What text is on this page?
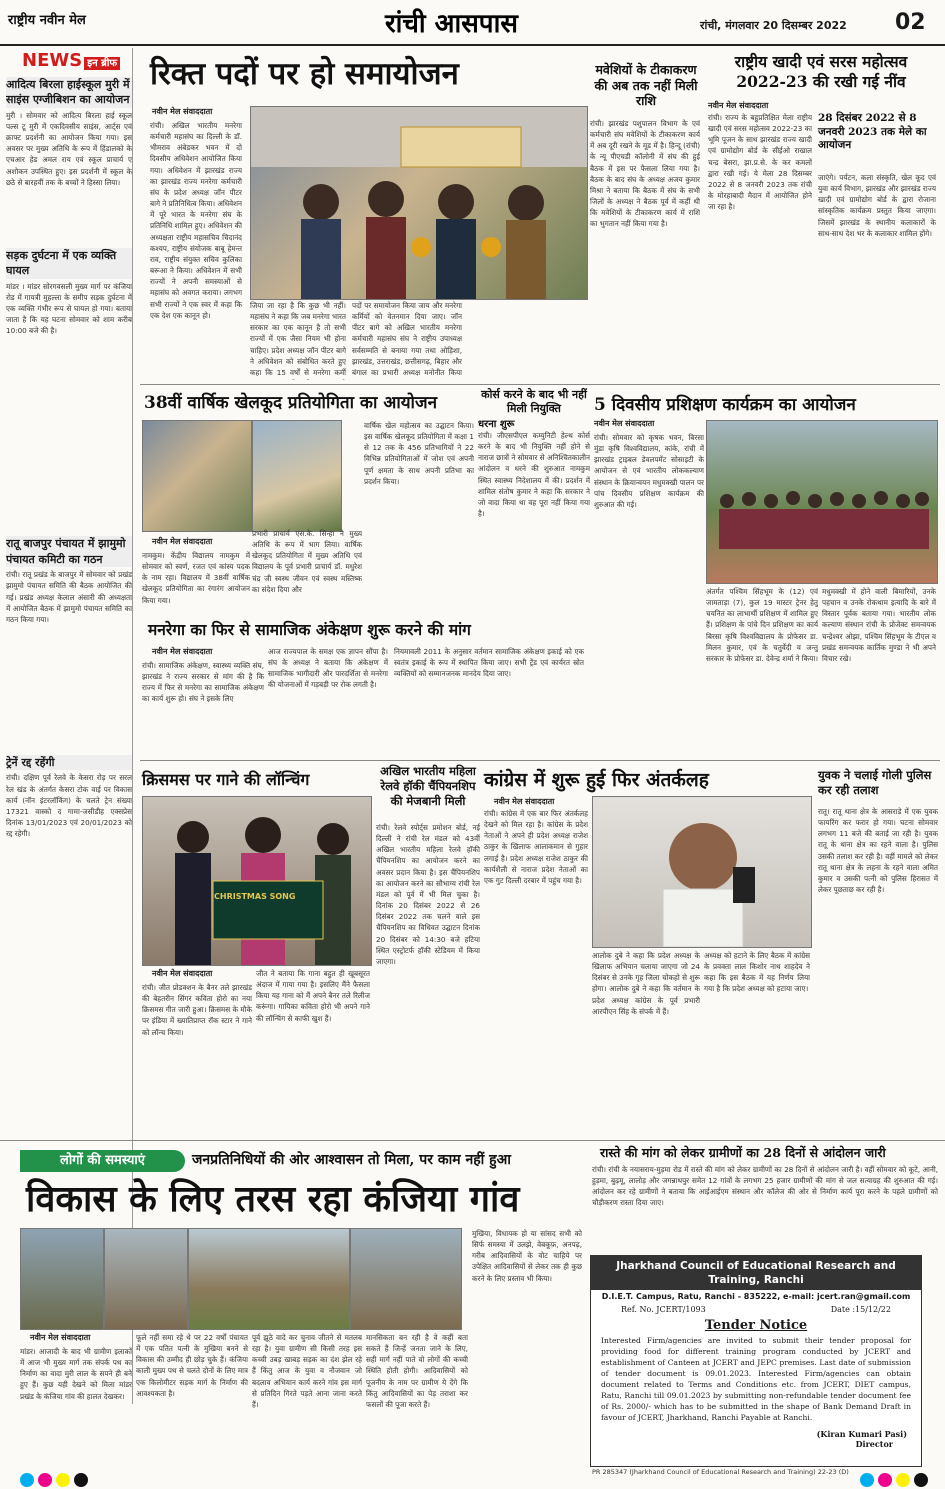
राष्ट्रीय नवीन मेल	रांची आसपास	रांची, मंगलवार 20 दिसम्बर 2022 02
NEWS इन ब्रीफ
आदित्य बिरला हाईस्कूल मुरी में साइंस एग्जीबिशन का आयोजन

मुरी । सोमवार को आदित्य बिरला हाई स्कूल पल्स टू मुरी में एकदिवसीय साइंस, आर्ट्स एवं क्राफ्ट प्रदर्शनी का आयोजन किया गया। इस अवसर पर मुख्य अतिथि के रूप में हिंडालको के एचआर हेड अमल राय एवं स्कूल प्राचार्य ए अशोकन उपस्थित हुए। इस प्रदर्शनी में स्कूल के छठे से बारहवीं तक के बच्चों ने हिस्सा लिया।

सड़क दुर्घटना में एक व्यक्ति घायल

मांडर । मांडर सोरगवसली मुख्य मार्ग पर कंजिया रोड में गायत्री मुहल्ला के समीप सड़क दुर्घटना में एक व्यक्ति गंभीर रूप से घायल हो गया। बताया जाता है कि यह घटना सोमवार को शाम करीब 10:00 बजे की है।

रातू बाजपुर पंचायत में झामुमो पंचायत कमिटी का गठन

रांची। रातू प्रखंड के बाजपुर में सोमवार को प्रखंड झामुमो पंचायत समिति की बैठक आयोजित की गई। प्रखंड अध्यक्ष केलाल अंसारी की अध्यक्षता में आयोजित बैठक में झामुमो पंचायत समिति का गठन किया गया।

ट्रेनें रद्द रहेंगी

रांची। दक्षिण पूर्व रेलवे के केसरा रोड़ पर सरल रेल खंड के अंतर्गत केसरा टोक वाई पर विकास कार्य (नॉन इंटरलॉकिंग) के चलते ट्रेन संख्या 17321 वास्को द गामा-जसीडीह एक्सप्रेस दिनांक 13/01/2023 एवं 20/01/2023 को रद्द रहेगी।

रिक्त पदों पर हो समायोजन
नवीन मेल संवाददाता
रांची। अखिल भारतीय मनरेगा कर्मचारी महासंघ का दिल्ली के डॉ. भीमराव अंबेडकर भवन में दो दिवसीय अधिवेशन आयोजित किया गया। अधिवेशन में झारखंड राज्य का झारखंड राज्य मनरेगा कर्मचारी संघ के प्रदेश अध्यक्ष जॉन पीटर बागे ने प्रतिनिधित्व किया। अधिवेशन में पूरे भारत के मनरेगा संघ के प्रतिनिधि शामिल हुए। अधिवेशन की अध्यक्षता राष्ट्रीय महासचिव चिदानंद कश्यप, राष्ट्रीय संयोजक बाबू हेमन्त राव, राष्ट्रीय संयुक्त सचिव कुलिका बरूआ ने किया। अधिवेशन में सभी राज्यों ने अपनी समस्याओं से महासंघ को अवगत कराया। लगभग सभी राज्यों ने एक स्वर में कहा कि एक देश एक कानून हो।
जिया जा रहा है कि कुछ भी नहीं। महासंघ ने कहा कि जब मनरेगा भारत सरकार का एक कानून है तो सभी राज्यों में एक जैसा नियम भी होना चाहिए। प्रदेश अध्यक्ष जॉन पीटर बागे ने अधिवेशन को संबोधित करते हुए कहा कि 15 वर्षों से मनरेगा कर्मी
पदों पर समायोजन किया जाय और मनरेगा कर्मियों को वेतनमान दिया जाए। जॉन पीटर बागे को अखिल भारतीय मनरेगा कर्मचारी महासंघ संघ ने राष्ट्रीय उपाध्यक्ष सर्वसम्मति से बनाया गया तथा ओड़िशा, झारखंड, उत्तराखंड, छत्तीसगढ़, बिहार और बंगाल का प्रभारी अध्यक्ष मनोनीत किया
मवेशियों के टीकाकरण की अब तक नहीं मिली राशि
रांची। झारखंड पशुपालन विभाग के एवं कर्मचारी संघ मवेशियों के टीकाकरण कार्य में अब दूरी रखने के मूड में है। हिन्दू (रांची) के न्यू पीएचडी कॉलोनी में संघ की हुई बैठक में इस पर फैसला लिया गया है। बैठक के बाद संघ के अध्यक्ष अजय कुमार मिश्रा ने बताया कि बैठक में संघ के सभी जिलों के अध्यक्ष ने बैठक पूर्व में कहीं थी कि मवेशियों के टीकाकरण कार्य में राशि का भुगतान नहीं किया गया है।
राष्ट्रीय खादी एवं सरस महोत्सव 2022-23 की रखी गई नींव
नवीन मेल संवाददाता
28 दिसंबर 2022 से 8 जनवरी 2023 तक मेले का आयोजन
रांची। राज्य के बहुप्रतिक्षित मेला राष्ट्रीय खादी एवं सरस महोत्सव 2022-23 का भूमि पूजन के साथ झारखंड राज्य खादी एवं ग्रामोद्योग बोर्ड के सीईओ राखाल चन्द्र बेसरा, झा.प्र.से. के कर कमलों द्वारा रखी गई। ये मेला 28 दिसम्बर 2022 से 8 जनवरी 2023 तक रांची के मोरहाबादी मैदान में आयोजित होने जा रहा है।
जाएंगे। पर्यटन, कला संस्कृति, खेल कूद एवं युवा कार्य विभाग, झारखंड और झारखंड राज्य खादी एवं ग्रामोद्योग बोर्ड के द्वारा रोजाना सांस्कृतिक कार्यक्रम प्रस्तुत किया जाएगा। जिसमें झारखंड के स्थानीय कलाकारों के साथ-साथ देश भर के कलाकार शामिल होंगे।
38वीं वार्षिक खेलकूद प्रतियोगिता का आयोजन
नवीन मेल संवाददाता
नामकुम। केंद्रीय विद्यालय नामकुम में सोमवार को स्वर्ण, रजत एवं कांस्य पदक के नाम रहा। विद्यालय में 38वीं वार्षिक खेलकूद प्रतियोगिता का रंगारंग आयोजन किया गया।
प्रभारी प्राचार्य एस.के. सिन्हा ने मुख्य अतिथि के रूप में भाग लिया। वार्षिक खेलकूद प्रतियोगिता में मुख्य अतिथि एवं विद्यालय के पूर्व प्रभारी प्राचार्य डॉ. मधुरेश चंद्र जी स्वस्थ जीवन एवं स्वस्थ मस्तिष्क का संदेश दिया और
वार्षिक खेल महोत्सव का उद्घाटन किया। इस वार्षिक खेलकूद प्रतियोगिता में कक्षा 1 से 12 तक के 456 प्रतिभागियों ने 22 विभिन्न प्रतियोगिताओं में जोश एवं अपनी पूर्ण क्षमता के साथ अपनी प्रतिभा का प्रदर्शन किया।
कोर्स करने के बाद भी नहीं मिली नियुक्ति
धरना शुरू
रांची। जीएसपीएल कम्युनिटी हेल्थ कोर्स करने के बाद भी नियुक्ति नहीं होने से नाराज छात्रों ने सोमवार से अनिश्चितकालीन आंदोलन व धरने की शुरुआत नामकुम स्थित स्वास्थ्य निदेशालय में की। प्रदर्शन में शामिल संतोष कुमार ने कहा कि सरकार ने जो वादा किया था वह पूरा नहीं किया गया है।
5 दिवसीय प्रशिक्षण कार्यक्रम का आयोजन
नवीन मेल संवाददाता
रांची। सोमवार को कृषक भवन, बिरसा मुंडा कृषि विश्वविद्यालय, कांके, रांची में झारखंड ट्राइबल डेवलपमेंट सोसाइटी के आयोजन से एवं भारतीय लोककल्याण संस्थान के क्रियान्वयन मधुमक्खी पालन पर पांच दिवसीय प्रशिक्षण कार्यक्रम की शुरुआत की गई।
अंतर्गत पश्चिम सिंहभूम के (12) एवं जामताड़ा (7), कुल 19 मास्टर ट्रेनर हेतु चयनित का लाभार्थी प्रशिक्षण में शामिल हुए हैं। प्रशिक्षण के पांचे दिन प्रशिक्षण का कार्य बिरसा कृषि विश्वविद्यालय के प्रोफेसर डा. मिलन कुमार, एवं के चतुर्वेदी व जन्तु सरकार के प्रोफेसर डा. देवेन्द्र शर्मा ने किया।
मधुमक्खी में होने वाली बिमारियों, उनके पहचान व उनके रोकथाम इत्यादि के बारे में विस्तार पूर्वक बताया गया। भारतीय लोक कल्याण संस्थान रांची के प्रोजेक्ट समन्वयक चन्द्रेश्वर ओझा, पश्चिम सिंहभूम के टीएल व प्रखंड समन्वयक कार्तिक मुण्डा ने भी अपने विचार रखे।
मनरेगा का फिर से सामाजिक अंकेक्षण शुरू करने की मांग
नवीन मेल संवाददाता
रांची। सामाजिक अंकेक्षण, स्वास्थ्य व्यक्ति संघ, झारखंड ने राज्य सरकार से मांग की है कि राज्य में फिर से मनरेगा का सामाजिक अंकेक्षण का कार्य शुरू हो। संघ ने इसके लिए
आज राज्यपाल के समक्ष एक ज्ञापन सौंपा है। संघ के अध्यक्ष ने बताया कि अंकेक्षण में सामाजिक भागीदारी और पारदर्शिता से मनरेगा की योजनाओं में गड़बड़ी पर रोक लगती है।
नियमावली 2011 के अनुसार वर्तमान सामाजिक अंकेक्षण इकाई को एक स्वतंत्र इकाई के रूप में स्थापित किया जाए। सभी ट्रेंड एवं कार्यरत स्रोत व्यक्तियों को सम्मानजनक मानदेय दिया जाए।
क्रिसमस पर गाने की लॉन्चिंग
CHRISTMAS SONG
नवीन मेल संवाददाता
रांची। जीत प्रोडक्शन के बैनर तले झारखंड की बेहतरीन सिंगर कविता होरो का नया क्रिसमस गीत जारी हुआ। क्रिसमस के मौके पर इंडिया में ख्यातिप्राप्त रॉक स्टार ने गाने को लॉन्च किया।
जीत ने बताया कि गाना बहुत ही खूबसूरत अंदाज में गाया गया है। इसलिए मैंने फैसला किया यह गाना को मैं अपने बैनर तले रिलीज करूंगा। गायिका कविता होरो भी अपने गाने की लॉन्चिंग से काफी खुश हैं।
अखिल भारतीय महिला रेलवे हॉकी चैंपियनशिप की मेजबानी मिली
रांची। रेलवे स्पोर्ट्स प्रमोशन बोर्ड, नई दिल्ली ने रांची रेल मंडल को 43वीं अखिल भारतीय महिला रेलवे हॉकी चैंपियनशिप का आयोजन करने का अवसर प्रदान किया है। इस चैंपियनशिप का आयोजन करने का सौभाग्य रांची रेल मंडल को पूर्व में भी मिल चुका है। दिनांक 20 दिसंबर 2022 से 26 दिसंबर 2022 तक चलने वाले इस चैंपियनशिप का विधिवत उद्घाटन दिनांक 20 दिसंबर को 14:30 बजे हटिया स्थित एस्ट्रोटर्फ हॉकी स्टेडियम में किया जाएगा।
कांग्रेस में शुरू हुई फिर अंतर्कलह
नवीन मेल संवाददाता
रांची। कांग्रेस में एक बार फिर अंतर्कलह देखने को मिल रहा है। कांग्रेस के प्रदेश नेताओं ने अपने ही प्रदेश अध्यक्ष राजेश ठाकुर के खिलाफ आलाकमान से गुहार लगाई है। प्रदेश अध्यक्ष राजेश ठाकुर की कार्यशैली से नाराज प्रदेश नेताओं का एक गुट दिल्ली दरबार में पहुंच गया है।
आलोक दुबे ने कहा कि प्रदेश अध्यक्ष के खिलाफ अभियान चलाया जाएगा जो 24 दिसंबर से उनके गृह जिला चोकहो से शुरू होगा। आलोक दुबे ने कहा कि वर्तमान के प्रदेश अध्यक्ष कांग्रेस के पूर्व प्रभारी आरपीएन सिंह के संपर्क में हैं।
अध्यक्ष को हटाने के लिए बैठक में कांग्रेस के प्रवक्ता लाल किशोर नाथ शाहदेव ने कहा कि इस बैठक में यह निर्णय लिया गया है कि प्रदेश अध्यक्ष को हटाया जाए।
युवक ने चलाई गोली पुलिस कर रही तलाश
रातू। रातू थाना क्षेत्र के आसराडे में एक युवक फायरिंग कर फरार हो गया। घटना सोमवार लगभग 11 बजे की बताई जा रही है। युवक रातू के थाना क्षेत्र का रहने वाला है। पुलिस उसकी तलाश कर रही है। वहीं मामले को लेकर रातू थाना क्षेत्र के लहना के रहने वाला अमित कुमार व उसकी पत्नी को पुलिस हिरासत में लेकर पूछताछ कर रही है।
लोगों की समस्याएं	जनप्रतिनिधियों की ओर आश्वासन तो मिला, पर काम नहीं हुआ
विकास के लिए तरस रहा कंजिया गांव
नवीन मेल संवाददाता
मांडर। आजादी के बाद भी ग्रामीण इलाकों में आज भी मुख्य मार्ग तक संपर्क पथ का निर्माण का वादा मुरी लाल के सपने ही बने हुए हैं। कुछ यही देखने को मिला मांडर प्रखंड के कंजिया गांव की हालत देखकर।
फूले नहीं समा रहे थे पर 22 वर्षों पंचायत में एक पतित पत्नी के मुखिया बनने से विकास की उम्मीद ही छोड़ चुके हैं। कंजिया काली मुख्य पथ से चलते दोनों के लिए मात्र एक किलोमीटर सड़क मार्ग के निर्माण की आवश्यकता है।
पूर्व झूठे वादे कर चुनाव जीतने से मतलब रहा है। युवा ग्रामीण सी किसी तरह इस कच्ची उबड़ खाबड़ सड़क का दंश झेल रहे हैं किंतु आज के युवा व नौजवान जो बदलाव अभियान कार्य करने गांव इस मार्ग से प्रतिदिन गिरते पड़ते आना जाना करते हैं।
मानसिकता बन रही है वे कहीं बता सकते हैं जिन्हें जनता जाने के लिए, सही मार्ग नहीं पाते वो लोगों की कच्ची स्थिति होती होगी। आदिवासियों को पूजनीय के नाम पर ग्रामीण ये देंगे कि किंतु आदिवासियों का पेड़ तराशा कर फसलों की पूजा करते हैं।
मुखिया, विधायक हो या सांसद सभी को सिर्फ समस्या में उलझे, वेबकूफ़, अनपढ़, गरीब आदिवासियों के वोट चाहिये पर उपेक्षित आदिवासियों से लेकर तक ही कुछ करने के लिए प्रस्ताव भी किया।
रास्ते की मांग को लेकर ग्रामीणों का 28 दिनों से आंदोलन जारी
रांची। रांची के नयासराय-मुड़मा रोड में रास्ते की मांग को लेकर ग्रामीणों का 28 दिनों से आंदोलन जारी है। वहीं सोमवार को कूटे, आनी, हुड़मा, बुढ़मू, लालोड़ और जगन्नाथपुर समेत 12 गांवों के लगभग 25 हजार ग्रामीणों की मांग से जल सत्याग्रह की शुरुआत की गई। आंदोलन कर रहे ग्रामीणों ने बताया कि आईआईएम संस्थान और कॉलेज की ओर से निर्माण कार्य पूरा करने के पहले ग्रामीणों को चौड़ीकरण रास्ता दिया जाए।
Jharkhand Council of Educational Research and Training, Ranchi
D.I.E.T. Campus, Ratu, Ranchi - 835222, e-mail: jcert.ran@gmail.com
Ref. No. JCERT/1093	Date :15/12/22
Tender Notice
Interested Firm/agencies are invited to submit their tender proposal for providing food for different training program conducted by JCERT and establishment of Canteen at JCERT and JEPC premises. Last date of submission of tender document is 09.01.2023. Interested Firm/agencies can obtain document related to Terms and Conditions etc. from JCERT, DIET campus, Ratu, Ranchi till 09.01.2023 by submitting non-refundable tender document fee of Rs. 2000/- which has to be submitted in the shape of Bank Demand Draft in favour of JCERT, Jharkhand, Ranchi Payable at Ranchi.
(Kiran Kumari Pasi)
Director
PR 285347 (Jharkhand Council of Educational Research and Training) 22-23 (D)
